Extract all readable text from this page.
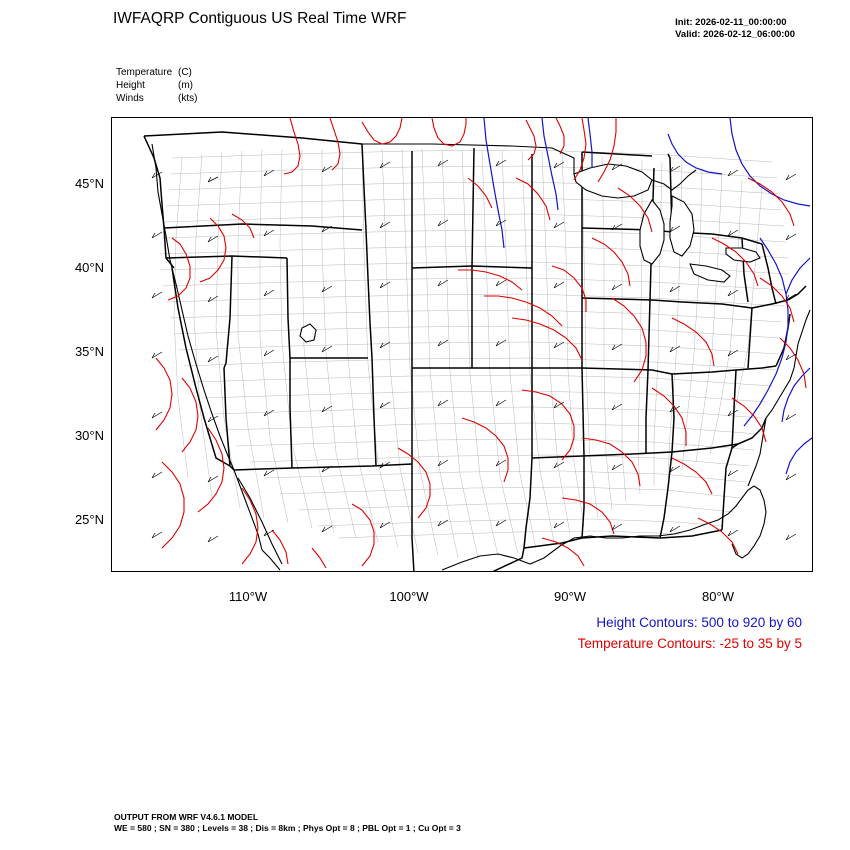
IWFAQRP Contiguous US Real Time WRF	Init: 2026-02-11_00:00:00
Valid: 2026-02-12_06:00:00
Temperature (C)
Height	(m)
Winds	(kts)
45°N
40°N
35°N
30°N
25°N
110°W	100°W	90°W	80°W
Height Contours: 500 to 920 by 60
Temperature Contours: -25 to 35 by 5
OUTPUT FROM WRF V4.6.1 MODEL
WE = 580 ; SN = 380 ; Levels = 38 ; Dis = 8km ; Phys Opt = 8 ; PBL Opt = 1 ; Cu Opt = 3
